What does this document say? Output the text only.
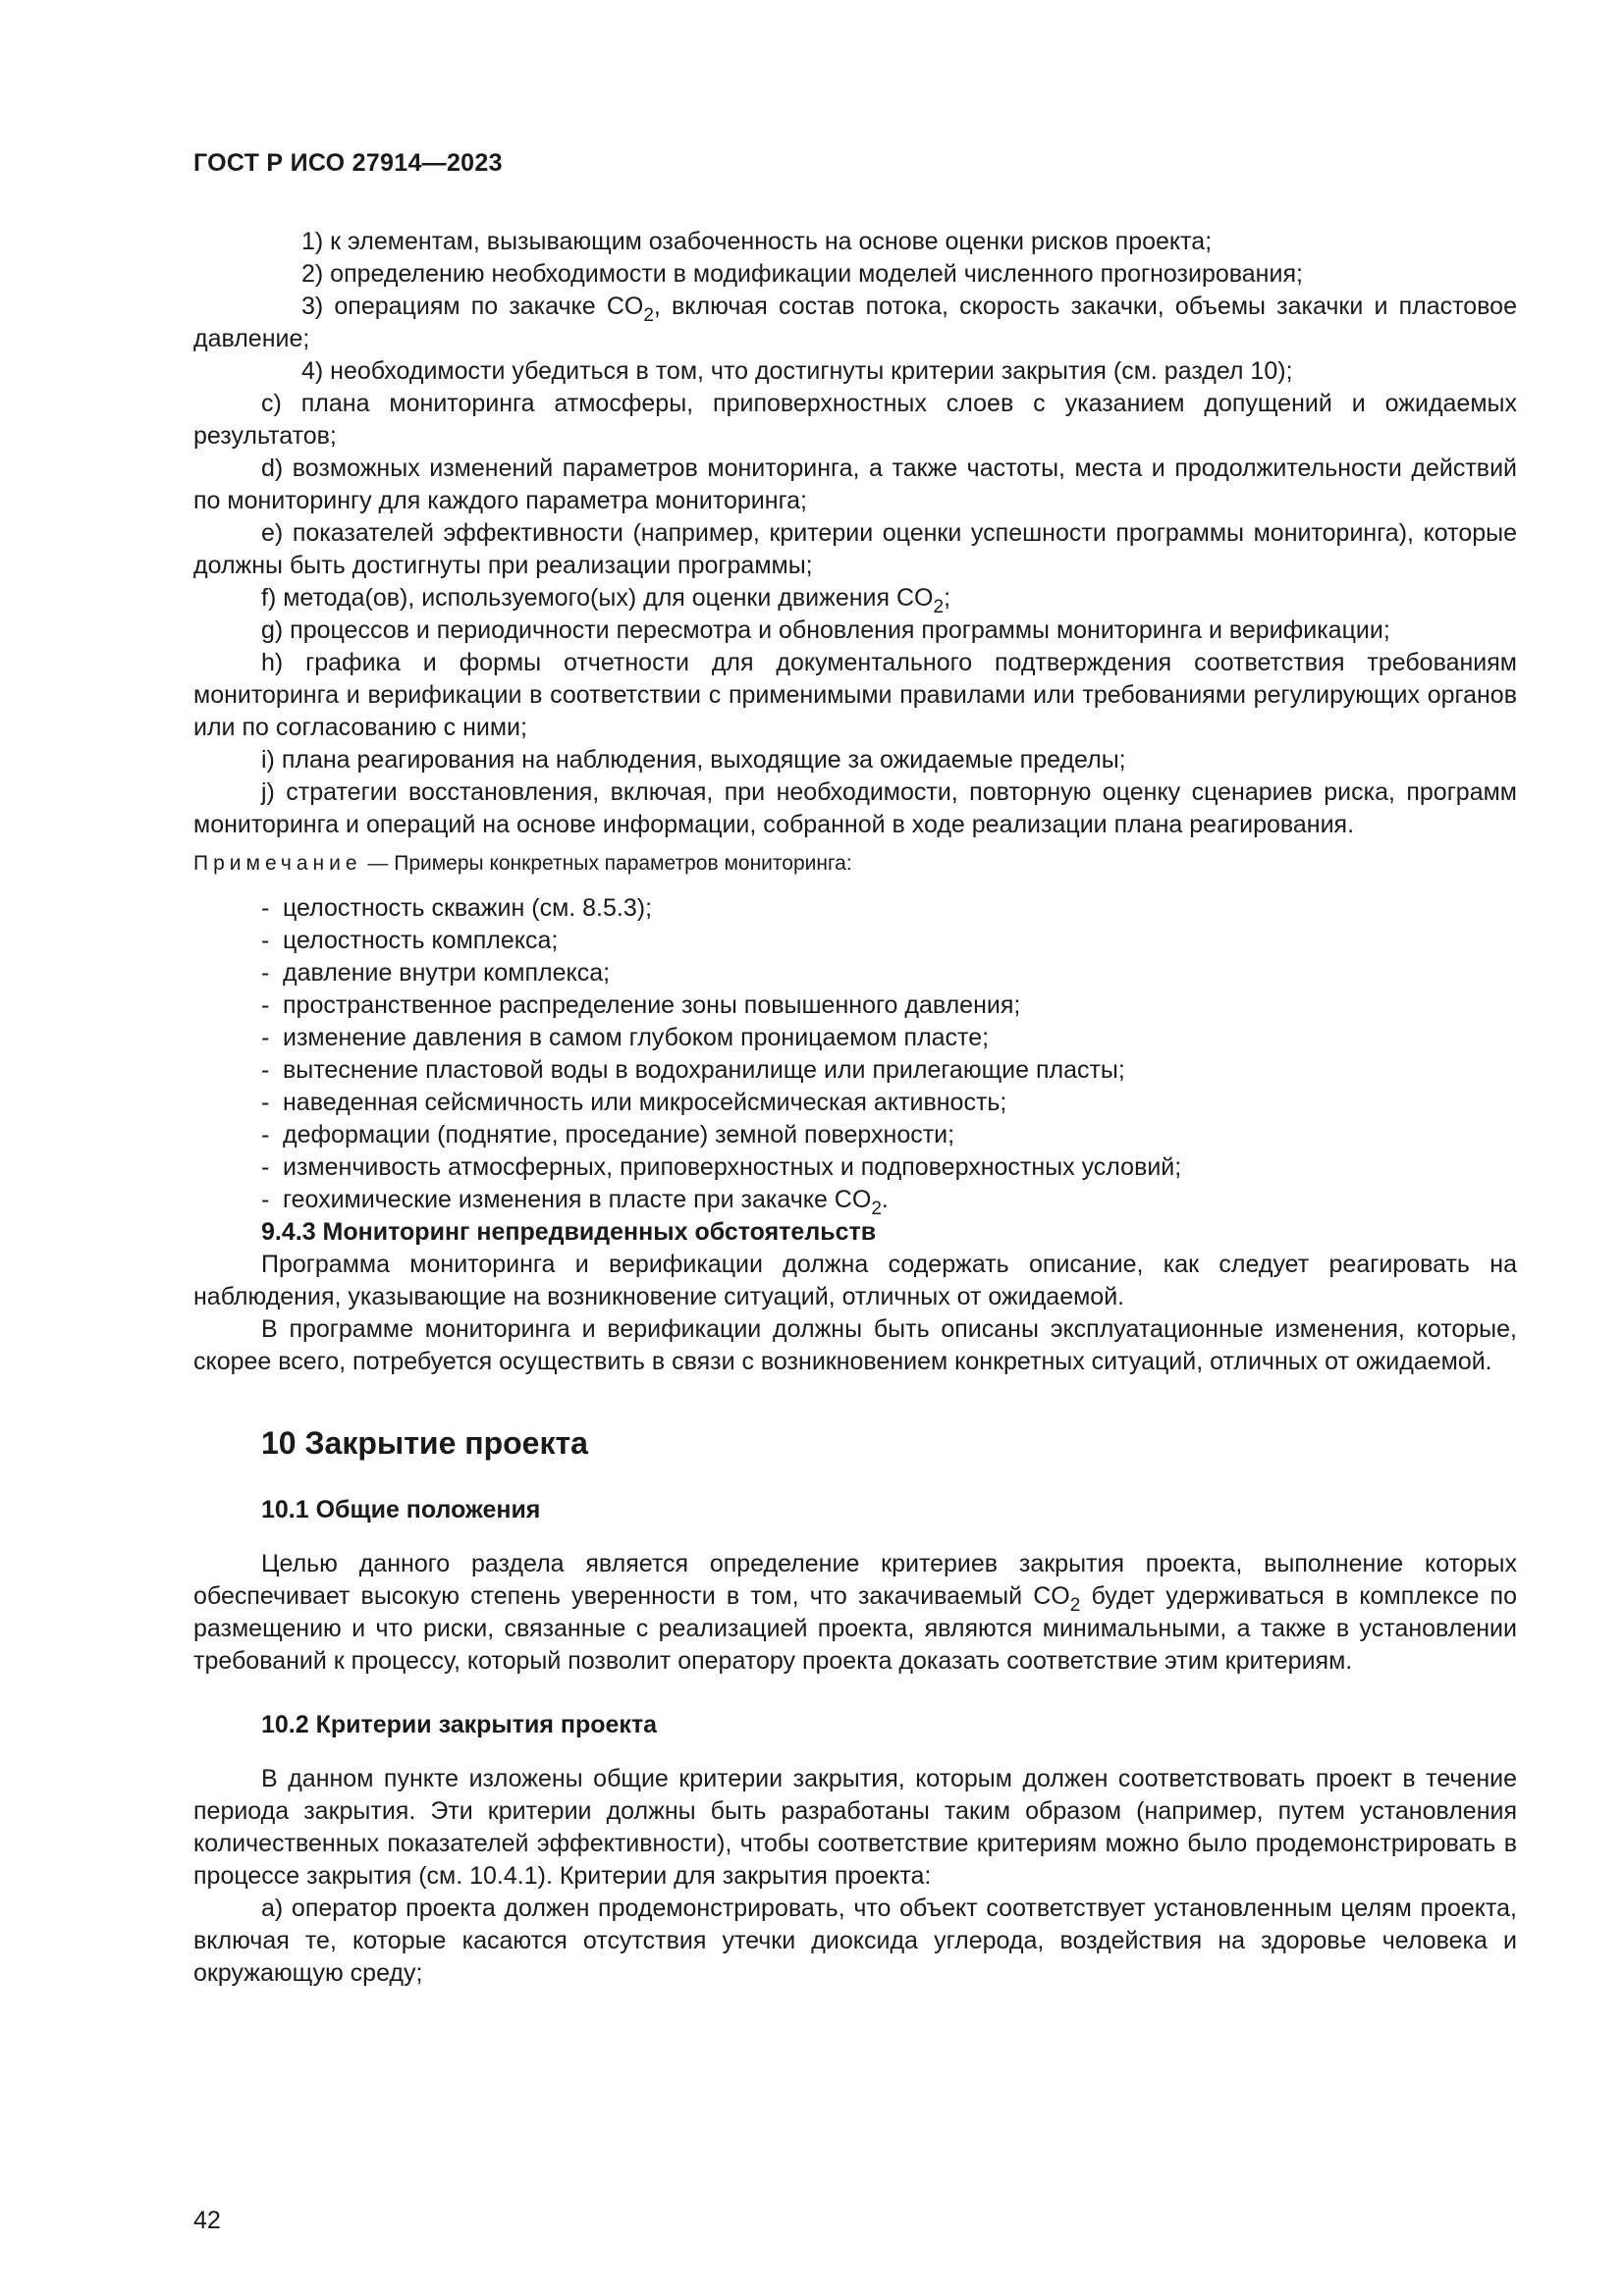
ГОСТ Р ИСО 27914—2023

1) к элементам, вызывающим озабоченность на основе оценки рисков проекта;

2) определению необходимости в модификации моделей численного прогнозирования;

3) операциям по закачке $CO_2$, включая состав потока, скорость закачки, объемы закачки и пластовое давление;

4) необходимости убедиться в том, что достигнуты критерии закрытия (см. раздел 10);

c) плана мониторинга атмосферы, приповерхностных слоев с указанием допущений и ожидаемых результатов;

d) возможных изменений параметров мониторинга, а также частоты, места и продолжительности действий по мониторингу для каждого параметра мониторинга;

e) показателей эффективности (например, критерии оценки успешности программы мониторинга), которые должны быть достигнуты при реализации программы;

f) метода(ов), используемого(ых) для оценки движения $CO_2$;

g) процессов и периодичности пересмотра и обновления программы мониторинга и верификации;

h) графика и формы отчетности для документального подтверждения соответствия требованиям мониторинга и верификации в соответствии с применимыми правилами или требованиями регулирующих органов или по согласованию с ними;

i) плана реагирования на наблюдения, выходящие за ожидаемые пределы;

j) стратегии восстановления, включая, при необходимости, повторную оценку сценариев риска, программ мониторинга и операций на основе информации, собранной в ходе реализации плана реагирования.

Примечание — Примеры конкретных параметров мониторинга:
- целостность скважин (см. 8.5.3);
- целостность комплекса;
- давление внутри комплекса;
- пространственное распределение зоны повышенного давления;
- изменение давления в самом глубоком проницаемом пласте;
- вытеснение пластовой воды в водохранилище или прилегающие пласты;
- наведенная сейсмичность или микросейсмическая активность;
- деформации (поднятие, проседание) земной поверхности;
- изменчивость атмосферных, приповерхностных и подповерхностных условий;
- геохимические изменения в пласте при закачке $CO_2$.
9.4.3 Мониторинг непредвиденных обстоятельств

Программа мониторинга и верификации должна содержать описание, как следует реагировать на наблюдения, указывающие на возникновение ситуаций, отличных от ожидаемой.

В программе мониторинга и верификации должны быть описаны эксплуатационные изменения, которые, скорее всего, потребуется осуществить в связи с возникновением конкретных ситуаций, отличных от ожидаемой.

10 Закрытие проекта
10.1 Общие положения

Целью данного раздела является определение критериев закрытия проекта, выполнение которых обеспечивает высокую степень уверенности в том, что закачиваемый $CO_2$ будет удерживаться в комплексе по размещению и что риски, связанные с реализацией проекта, являются минимальными, а также в установлении требований к процессу, который позволит оператору проекта доказать соответствие этим критериям.

10.2 Критерии закрытия проекта

В данном пункте изложены общие критерии закрытия, которым должен соответствовать проект в течение периода закрытия. Эти критерии должны быть разработаны таким образом (например, путем установления количественных показателей эффективности), чтобы соответствие критериям можно было продемонстрировать в процессе закрытия (см. 10.4.1). Критерии для закрытия проекта:

a) оператор проекта должен продемонстрировать, что объект соответствует установленным целям проекта, включая те, которые касаются отсутствия утечки диоксида углерода, воздействия на здоровье человека и окружающую среду;

42
